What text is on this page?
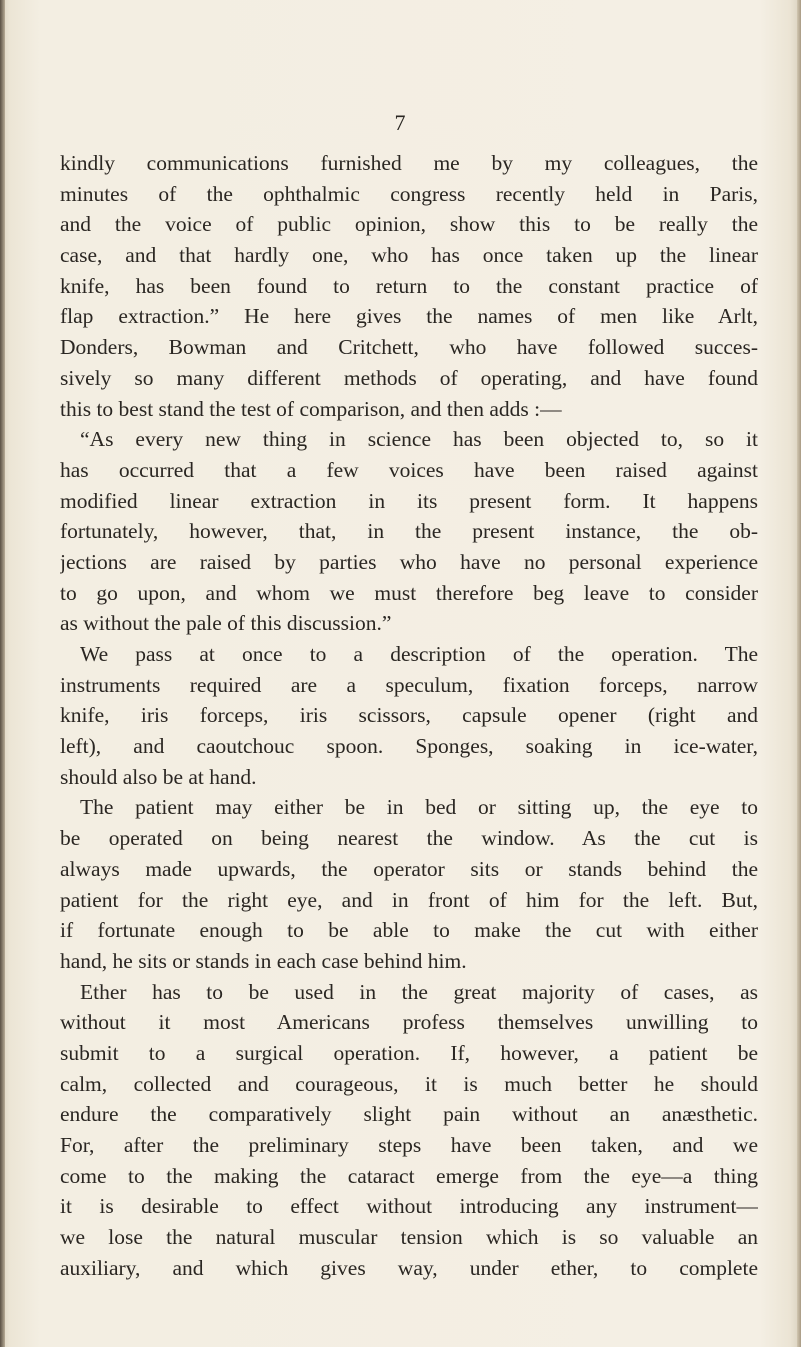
7
kindly communications furnished me by my colleagues, the
minutes of the ophthalmic congress recently held in Paris,
and the voice of public opinion, show this to be really the
case, and that hardly one, who has once taken up the linear
knife, has been found to return to the constant practice of
flap extraction.” He here gives the names of men like Arlt,
Donders, Bowman and Critchett, who have followed succes-
sively so many different methods of operating, and have found
this to best stand the test of comparison, and then adds :—
“As every new thing in science has been objected to, so it
has occurred that a few voices have been raised against
modified linear extraction in its present form. It happens
fortunately, however, that, in the present instance, the ob-
jections are raised by parties who have no personal experience
to go upon, and whom we must therefore beg leave to consider
as without the pale of this discussion.”
We pass at once to a description of the operation. The
instruments required are a speculum, fixation forceps, narrow
knife, iris forceps, iris scissors, capsule opener (right and
left), and caoutchouc spoon. Sponges, soaking in ice-water,
should also be at hand.
The patient may either be in bed or sitting up, the eye to
be operated on being nearest the window. As the cut is
always made upwards, the operator sits or stands behind the
patient for the right eye, and in front of him for the left. But,
if fortunate enough to be able to make the cut with either
hand, he sits or stands in each case behind him.
Ether has to be used in the great majority of cases, as
without it most Americans profess themselves unwilling to
submit to a surgical operation. If, however, a patient be
calm, collected and courageous, it is much better he should
endure the comparatively slight pain without an anæsthetic.
For, after the preliminary steps have been taken, and we
come to the making the cataract emerge from the eye—a thing
it is desirable to effect without introducing any instrument—
we lose the natural muscular tension which is so valuable an
auxiliary, and which gives way, under ether, to complete
